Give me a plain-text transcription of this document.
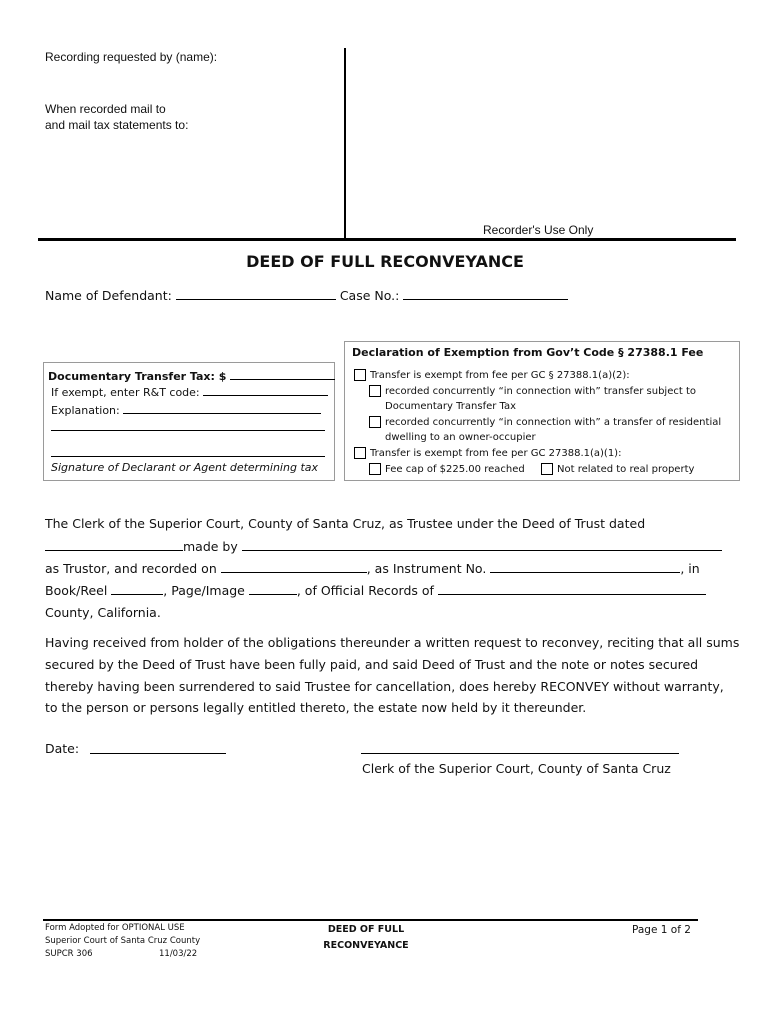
Recording requested by (name):
When recorded mail to
and mail tax statements to:
Recorder's Use Only
DEED OF FULL RECONVEYANCE
Name of Defendant:	Case No.:
Documentary Transfer Tax: $
If exempt, enter R&T code:
Explanation:
Signature of Declarant or Agent determining tax
Declaration of Exemption from Gov’t Code § 27388.1 Fee
Transfer is exempt from fee per GC § 27388.1(a)(2):
recorded concurrently “in connection with” transfer subject to
Documentary Transfer Tax
recorded concurrently “in connection with” a transfer of residential
dwelling to an owner-occupier
Transfer is exempt from fee per GC 27388.1(a)(1):
Fee cap of $225.00 reached	Not related to real property
The Clerk of the Superior Court, County of Santa Cruz, as Trustee under the Deed of Trust dated
made by
as Trustor, and recorded on	, as Instrument No.	, in
Book/Reel	, Page/Image	, of Official Records of
County, California.
Having received from holder of the obligations thereunder a written request to reconvey, reciting that all sums
secured by the Deed of Trust have been fully paid, and said Deed of Trust and the note or notes secured
thereby having been surrendered to said Trustee for cancellation, does hereby RECONVEY without warranty,
to the person or persons legally entitled thereto, the estate now held by it thereunder.
Date:
Clerk of the Superior Court, County of Santa Cruz
Form Adopted for OPTIONAL USE
Superior Court of Santa Cruz County
SUPCR 306	11/03/22
DEED OF FULL
RECONVEYANCE
Page 1 of 2
